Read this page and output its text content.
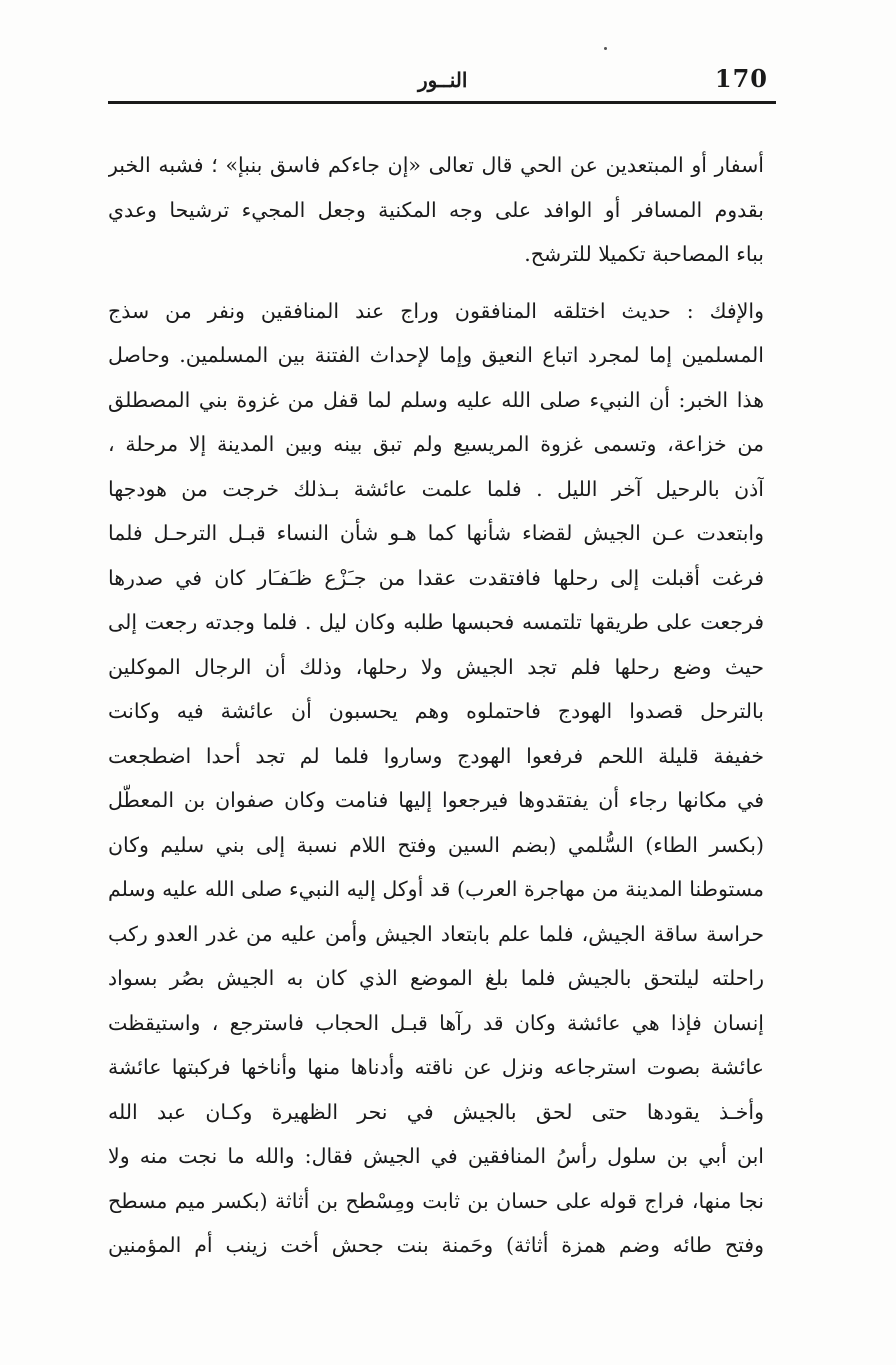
170
النــور
أسفار أو المبتعدين عن الحي قال تعالى «إن جاءكم فاسق بنبإ» ؛ فشبه الخبر
بقدوم المسافر أو الوافد على وجه المكنية وجعل المجيء ترشيحا وعدي
بباء المصاحبة تكميلا للترشح.
والإفك : حديث اختلقه المنافقون وراج عند المنافقين ونفر من سذج
المسلمين إما لمجرد اتباع النعيق وإما لإحداث الفتنة بين المسلمين. وحاصل
هذا الخبر: أن النبيء صلى الله عليه وسلم لما قفل من غزوة بني المصطلق
من خزاعة، وتسمى غزوة المريسيع ولم تبق بينه وبين المدينة إلا مرحلة ،
آذن بالرحيل آخر الليل . فلما علمت عائشة بـذلك خرجت من هودجها
وابتعدت عـن الجيش لقضاء شأنها كما هـو شأن النساء قبـل الترحـل فلما
فرغت أقبلت إلى رحلها فافتقدت عقدا من جـَزْع ظـَفـَار كان في صدرها
فرجعت على طريقها تلتمسه فحبسها طلبه وكان ليل . فلما وجدته رجعت إلى
حيث وضع رحلها فلم تجد الجيش ولا رحلها، وذلك أن الرجال الموكلين
بالترحل قصدوا الهودج فاحتملوه وهم يحسبون أن عائشة فيه وكانت
خفيفة قليلة اللحم فرفعوا الهودج وساروا فلما لم تجد أحدا اضطجعت
في مكانها رجاء أن يفتقدوها فيرجعوا إليها فنامت وكان صفوان بن المعطّل
(بكسر الطاء) السُّلمي (بضم السين وفتح اللام نسبة إلى بني سليم وكان
مستوطنا المدينة من مهاجرة العرب) قد أوكل إليه النبيء صلى الله عليه وسلم
حراسة ساقة الجيش، فلما علم بابتعاد الجيش وأمن عليه من غدر العدو ركب
راحلته ليلتحق بالجيش فلما بلغ الموضع الذي كان به الجيش بصُر بسواد
إنسان فإذا هي عائشة وكان قد رآها قبـل الحجاب فاسترجع ، واستيقظت
عائشة بصوت استرجاعه ونزل عن ناقته وأدناها منها وأناخها فركبتها عائشة
وأخـذ يقودها حتى لحق بالجيش في نحر الظهيرة وكـان عبد الله
ابن أبي بن سلول رأسُ المنافقين في الجيش فقال: والله ما نجت منه ولا
نجا منها، فراج قوله على حسان بن ثابت ومِسْطح بن أثاثة (بكسر ميم مسطح
وفتح طائه وضم همزة أثاثة) وحَمنة بنت جحش أخت زينب أم المؤمنين
